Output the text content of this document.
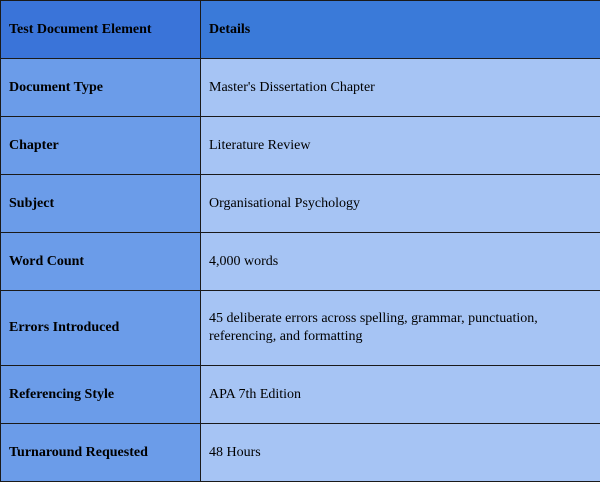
Test Document Element	Details
Document Type	Master's Dissertation Chapter
Chapter	Literature Review
Subject	Organisational Psychology
Word Count	4,000 words
Errors Introduced	45 deliberate errors across spelling, grammar, punctuation, referencing, and formatting
Referencing Style	APA 7th Edition
Turnaround Requested	48 Hours
